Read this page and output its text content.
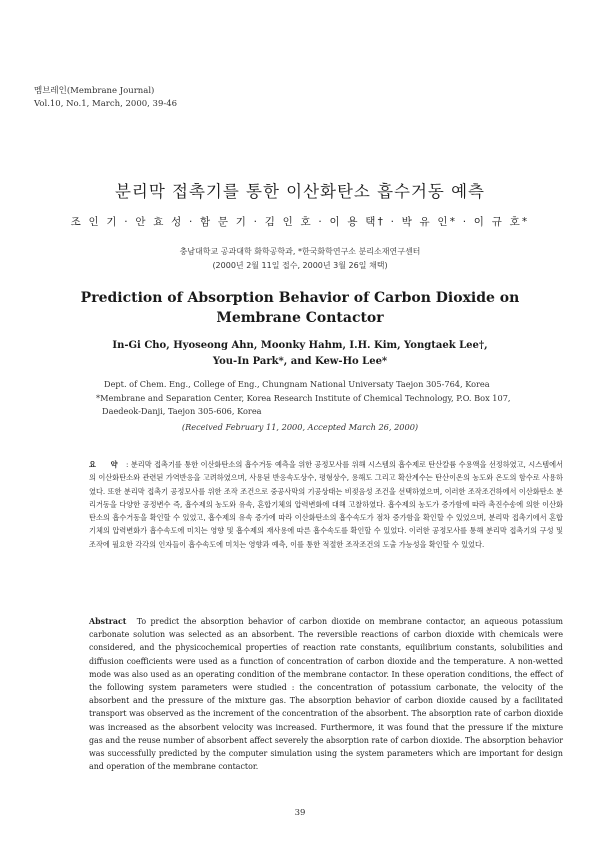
멤브레인(Membrane Journal)
Vol.10, No.1, March, 2000, 39-46
분리막 접촉기를 통한 이산화탄소 흡수거동 예측
조 인 기 · 안 효 성 · 함 문 기 · 김 인 호 · 이 용 택† · 박 유 인* · 이 규 호*
충남대학교 공과대학 화학공학과, *한국화학연구소 분리소재연구센터
(2000년 2월 11일 접수, 2000년 3월 26일 채택)
Prediction of Absorption Behavior of Carbon Dioxide on
Membrane Contactor
In-Gi Cho, Hyoseong Ahn, Moonky Hahm, I.H. Kim, Yongtaek Lee†,
You-In Park*, and Kew-Ho Lee*
Dept. of Chem. Eng., College of Eng., Chungnam National Universaty Taejon 305-764, Korea
*Membrane and Separation Center, Korea Research Institute of Chemical Technology, P.O. Box 107,
Daedeok-Danji, Taejon 305-606, Korea
(Received February 11, 2000, Accepted March 26, 2000)
요 약 : 분리막 접촉기를 통한 이산화탄소의 흡수거동 예측을 위한 공정모사를 위해 시스템의 흡수제로 탄산칼륨 수용액을 선정하였고, 시스템에서의 이산화탄소와 관련된 가역반응을 고려하였으며, 사용된 반응속도상수, 평형상수, 용해도 그리고 확산계수는 탄산이온의 농도와 온도의 함수로 사용하였다. 또한 분리막 접촉기 공정모사를 위한 조작 조건으로 중공사막의 기공상태는 비젖음성 조건을 선택하였으며, 이러한 조작조건하에서 이산화탄소 분리거동을 다양한 공정변수 즉, 흡수제의 농도와 유속, 혼합기체의 압력변화에 대해 고찰하였다. 흡수제의 농도가 증가함에 따라 촉진수송에 의한 이산화탄소의 흡수거동을 확인할 수 있었고, 흡수제의 유속 증가에 따라 이산화탄소의 흡수속도가 점차 증가함을 확인할 수 있었으며, 분리막 접촉기에서 혼합기체의 압력변화가 흡수속도에 미치는 영향 및 흡수제의 재사용에 따른 흡수속도를 확인할 수 있었다. 이러한 공정모사를 통해 분리막 접촉기의 구성 및 조작에 필요한 각각의 인자들이 흡수속도에 미치는 영향과 예측, 이를 통한 적절한 조작조건의 도출 가능성을 확인할 수 있었다.
Abstract To predict the absorption behavior of carbon dioxide on membrane contactor, an aqueous potassium carbonate solution was selected as an absorbent. The reversible reactions of carbon dioxide with chemicals were considered, and the physicochemical properties of reaction rate constants, equilibrium constants, solubilities and diffusion coefficients were used as a function of concentration of carbon dioxide and the temperature. A non-wetted mode was also used as an operating condition of the membrane contactor. In these operation conditions, the effect of the following system parameters were studied : the concentration of potassium carbonate, the velocity of the absorbent and the pressure of the mixture gas. The absorption behavior of carbon dioxide caused by a facilitated transport was observed as the increment of the concentration of the absorbent. The absorption rate of carbon dioxide was increased as the absorbent velocity was increased. Furthermore, it was found that the pressure if the mixture gas and the reuse number of absorbent affect severely the absorption rate of carbon dioxide. The absorption behavior was successfully predicted by the computer simulation using the system parameters which are important for design and operation of the membrane contactor.
39
